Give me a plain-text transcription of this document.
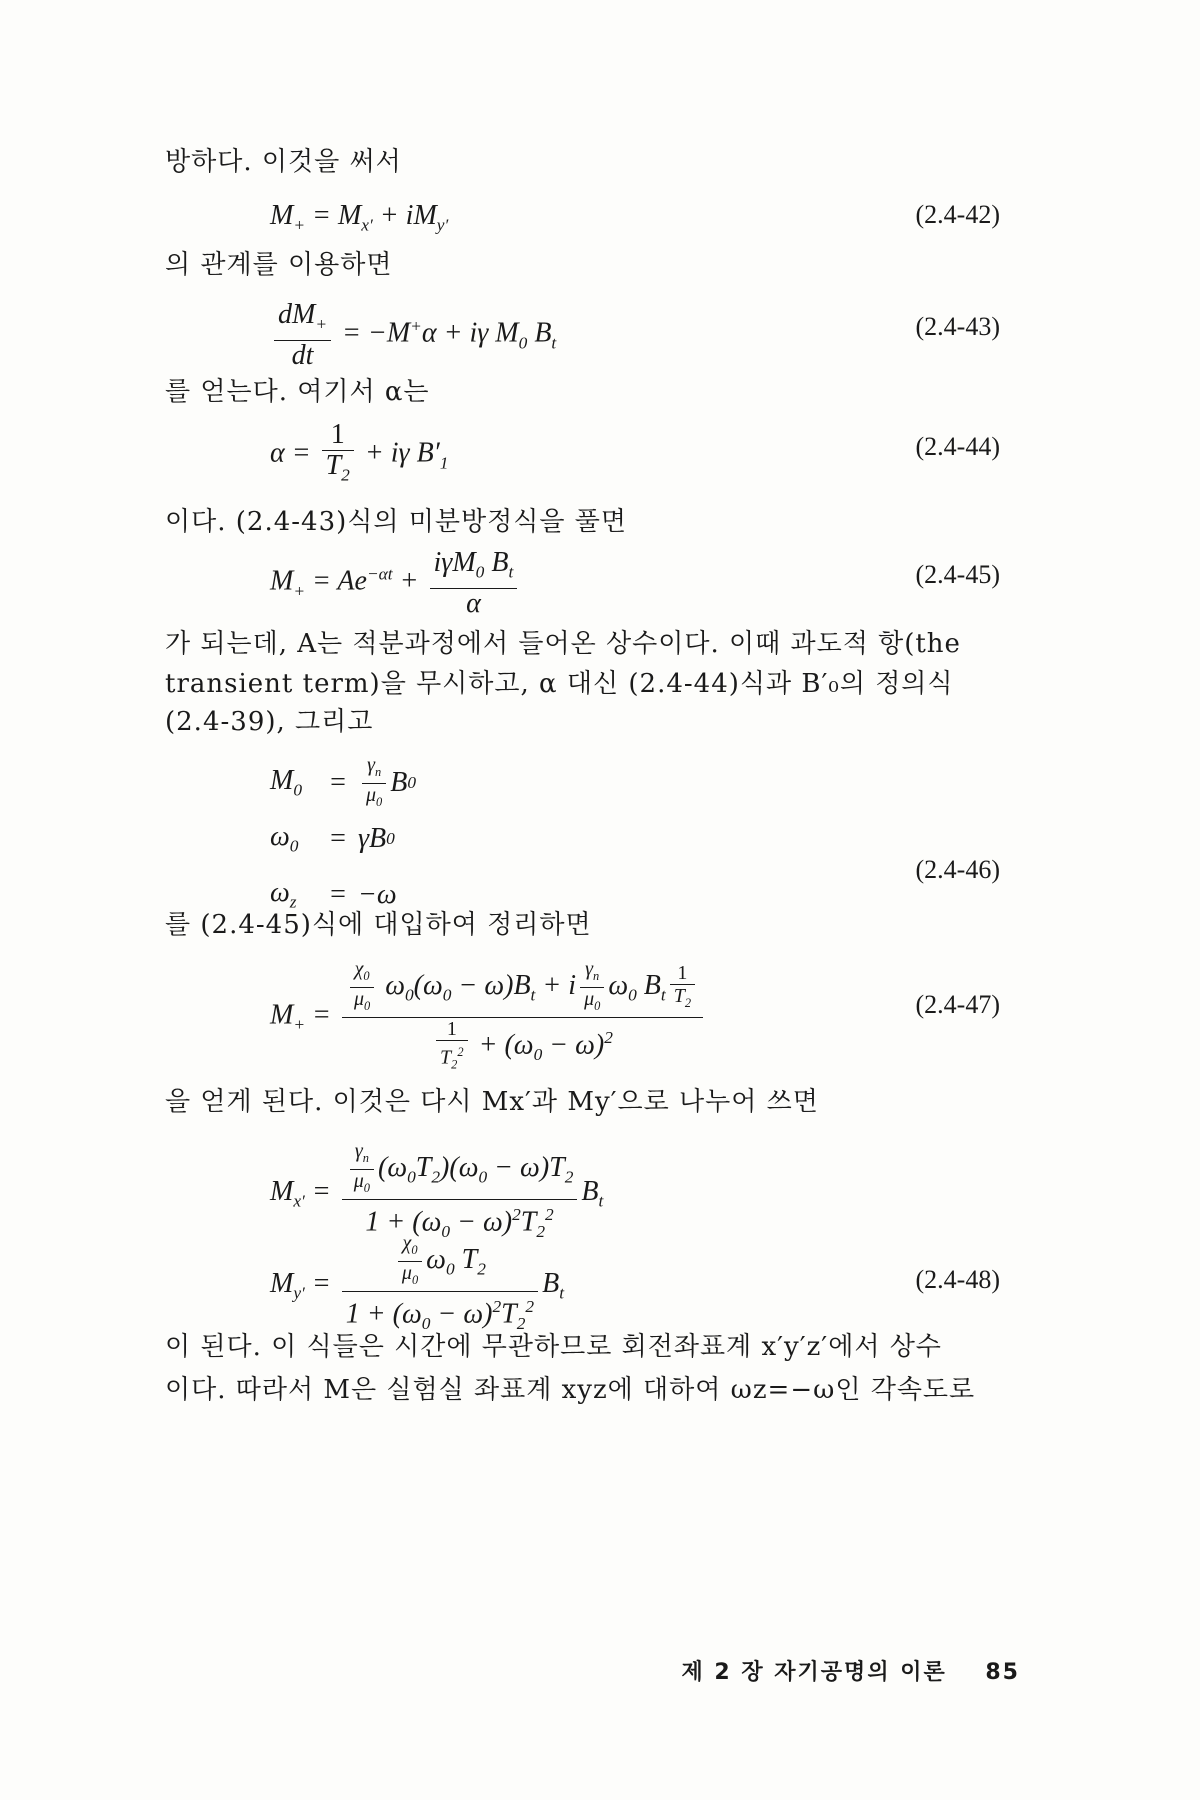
방하다. 이것을 써서
$M_+ = M_{x'} + iM_{y'}$	(2.4-42)
의 관계를 이용하면
$\frac{dM_+}{dt} = -M^+\alpha + i\gamma$ $M_0$ $B_t$
(2.4-43)
를 얻는다. 여기서 α는
$\alpha = \frac{1}{T_2} + i\gamma$ $B'_1$
(2.4-44)
이다. (2.4-43)식의 미분방정식을 풀면
$M_+ = Ae^{-\alpha t} + \frac{i\gamma M_0 B_t}{\alpha}$	(2.4-45)
가 되는데, A는 적분과정에서 들어온 상수이다. 이때 과도적 항(the
transient term)을 무시하고, α 대신 (2.4-44)식과 B′₀의 정의식
(2.4-39), 그리고
$M_0$	= $\frac{\gamma_n}{\mu_0}$ B 0
$\omega_0$	= γB 0
$\omega_z$	= −ω
(2.4-46)
를 (2.4-45)식에 대입하여 정리하면
$M_+ = \frac{\frac{\chi_0}{\mu_0} \omega_0(\omega_0 - \omega)B_t + i \frac{\gamma_n}{\mu_0} \omega_0 B_t \frac{1}{T_2}}{\frac{1}{T_2^2} + (\omega_0 - \omega)^2}$	(2.4-47)
을 얻게 된다. 이것은 다시 Mx′과 My′으로 나누어 쓰면
$M_{x'} = \frac{\frac{\gamma_n}{\mu_0} (\omega_0T_2)(\omega_0 - \omega)T_2}{1 + (\omega_0 - \omega)^2T_2^2} B_t$
$M_{y'} = \frac{\frac{\chi_0}{\mu_0} \omega_0 T_2}{1 + (\omega_0 - \omega)^2T_2^2} B_t$	(2.4-48)
이 된다. 이 식들은 시간에 무관하므로 회전좌표계 x′y′z′에서 상수
이다. 따라서 M은 실험실 좌표계 xyz에 대하여 ωz=−ω인 각속도로
제 2 장 자기공명의 이론 85
